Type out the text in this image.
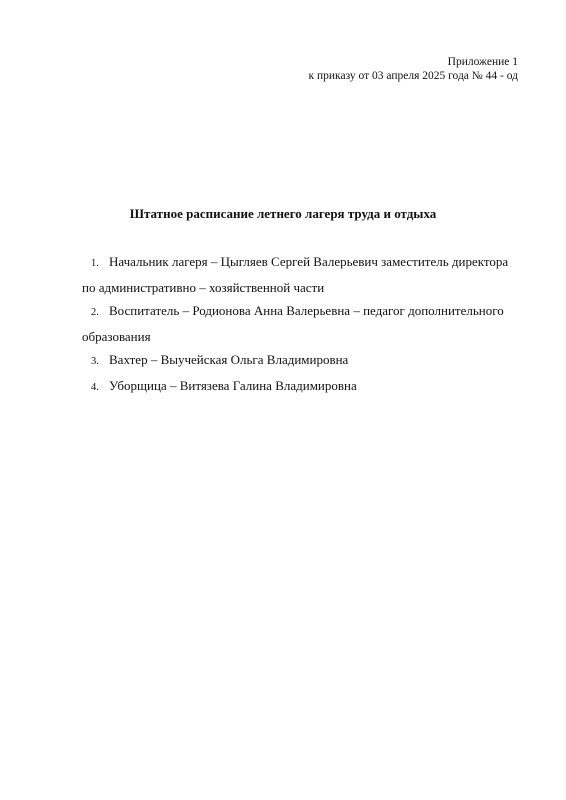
Приложение 1
к приказу от 03 апреля 2025 года № 44 - од
Штатное расписание летнего лагеря труда и отдыха
1. Начальник лагеря – Цыгляев Сергей Валерьевич заместитель директора
по административно – хозяйственной части
2. Воспитатель – Родионова Анна Валерьевна – педагог дополнительного
образования
3. Вахтер – Выучейская Ольга Владимировна
4. Уборщица – Витязева Галина Владимировна
